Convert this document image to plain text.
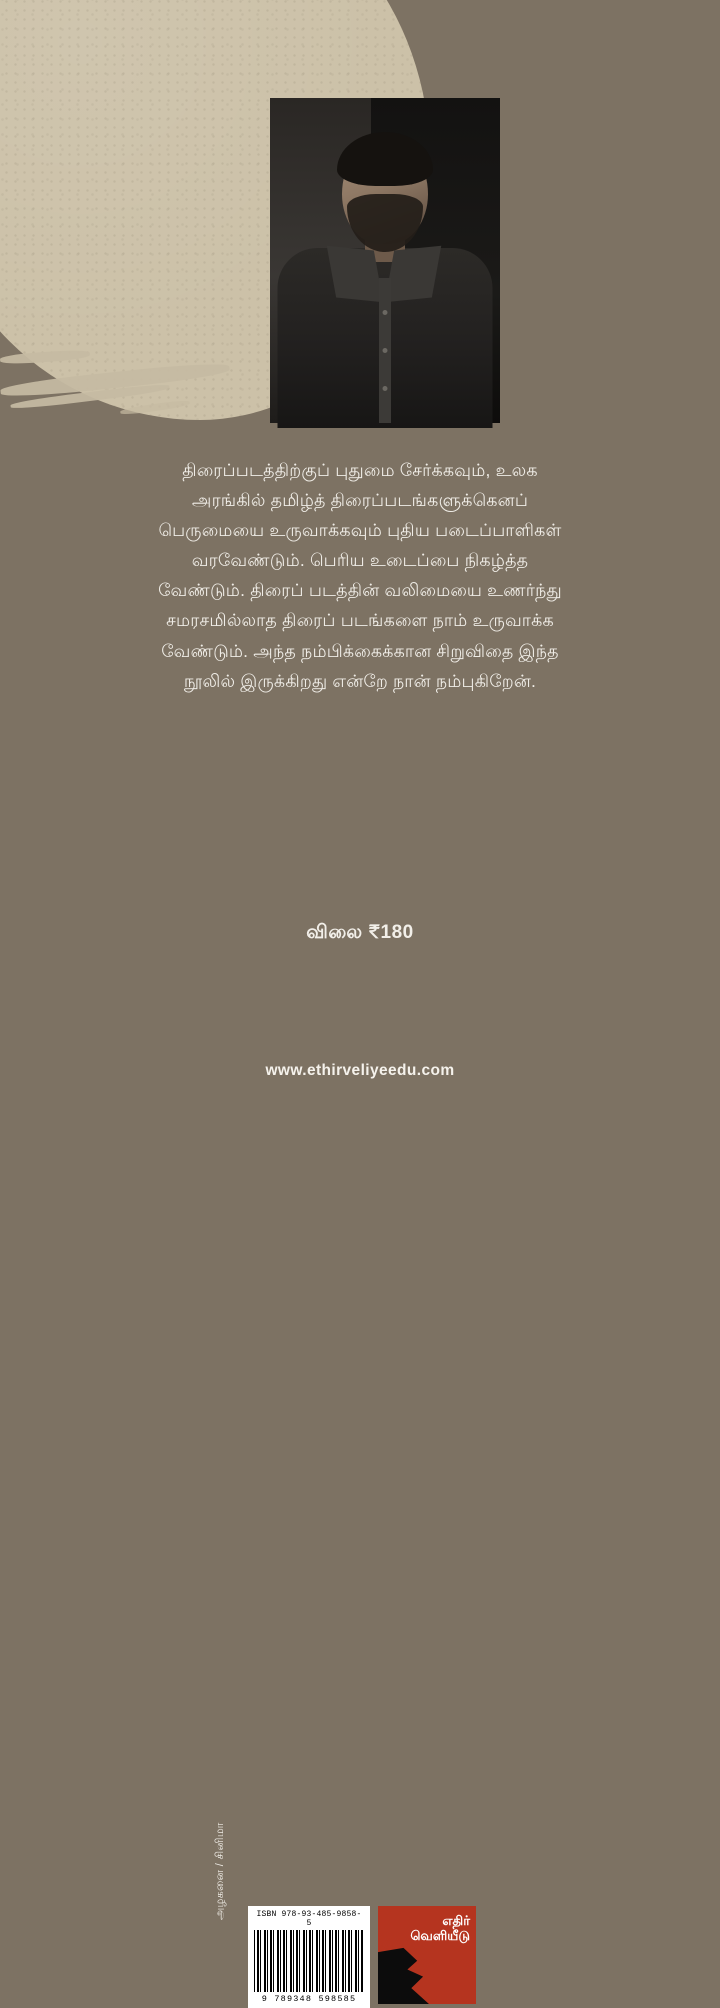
திரைப்படத்திற்குப் புதுமை சேர்க்கவும், உலக அரங்கில் தமிழ்த் திரைப்படங்களுக்கெனப் பெருமையை உருவாக்கவும் புதிய படைப்பாளிகள் வரவேண்டும். பெரிய உடைப்பை நிகழ்த்த வேண்டும். திரைப் படத்தின் வலிமையை உணர்ந்து சமரசமில்லாத திரைப் படங்களை நாம் உருவாக்க வேண்டும். அந்த நம்பிக்கைக்கான சிறுவிதை இந்த நூலில் இருக்கிறது என்றே நான் நம்புகிறேன்.
விலை ₹180
அழகனை / சினிமா	ISBN 978-93-485-9858-5
9 789348 598585
எதிர்
வெளியீடு
www.ethirveliyeedu.com
